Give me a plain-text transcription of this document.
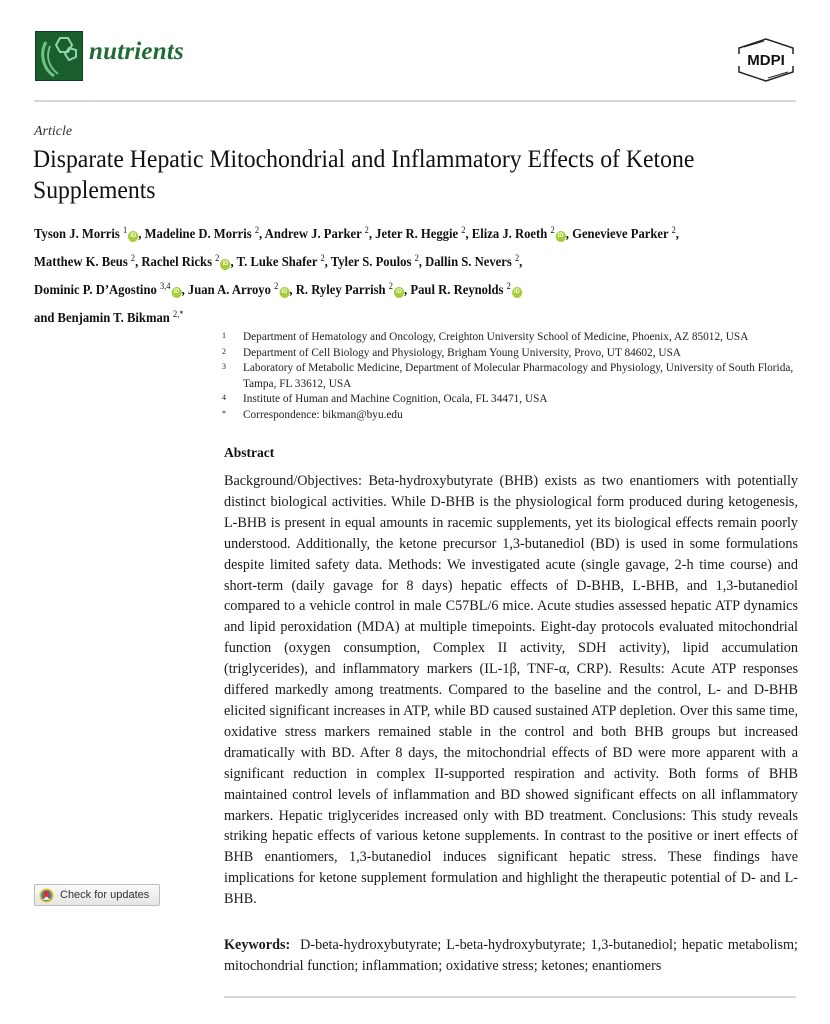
nutrients	MDPI
Article
Disparate Hepatic Mitochondrial and Inflammatory Effects of Ketone Supplements
Tyson J. Morris $^1$iD , Madeline D. Morris $^2$, Andrew J. Parker $^2$, Jeter R. Heggie $^2$, Eliza J. Roeth $^2$iD , Genevieve Parker $^2$,
Matthew K. Beus $^2$, Rachel Ricks $^2$iD , T. Luke Shafer $^2$, Tyler S. Poulos $^2$, Dallin S. Nevers $^2$,
Dominic P. D’Agostino $^{3,4}$iD , Juan A. Arroyo $^2$iD , R. Ryley Parrish $^2$iD , Paul R. Reynolds $^2$iD
and Benjamin T. Bikman $^{2,*}$
1	Department of Hematology and Oncology, Creighton University School of Medicine, Phoenix, AZ 85012, USA
2	Department of Cell Biology and Physiology, Brigham Young University, Provo, UT 84602, USA
3	Laboratory of Metabolic Medicine, Department of Molecular Pharmacology and Physiology, University of South Florida, Tampa, FL 33612, USA
4	Institute of Human and Machine Cognition, Ocala, FL 34471, USA
*	Correspondence: bikman@byu.edu
Abstract
Background/Objectives: Beta-hydroxybutyrate (BHB) exists as two enantiomers with potentially distinct biological activities. While D-BHB is the physiological form produced during ketogenesis, L-BHB is present in equal amounts in racemic supplements, yet its biological effects remain poorly understood. Additionally, the ketone precursor 1,3-butanediol (BD) is used in some formulations despite limited safety data. Methods: We investigated acute (single gavage, 2-h time course) and short-term (daily gavage for 8 days) hepatic effects of D-BHB, L-BHB, and 1,3-butanediol compared to a vehicle control in male C57BL/6 mice. Acute studies assessed hepatic ATP dynamics and lipid peroxidation (MDA) at multiple timepoints. Eight-day protocols evaluated mitochondrial function (oxygen consumption, Complex II activity, SDH activity), lipid accumulation (triglycerides), and inflammatory markers (IL-1β, TNF-α, CRP). Results: Acute ATP responses differed markedly among treatments. Compared to the baseline and the control, L- and D-BHB elicited significant increases in ATP, while BD caused sustained ATP depletion. Over this same time, oxidative stress markers remained stable in the control and both BHB groups but increased dramatically with BD. After 8 days, the mitochondrial effects of BD were more apparent with a significant reduction in complex II-supported respiration and activity. Both forms of BHB maintained control levels of inflammation and BD showed significant effects on all inflammatory markers. Hepatic triglycerides increased only with BD treatment. Conclusions: This study reveals striking hepatic effects of various ketone supplements. In contrast to the positive or inert effects of BHB enantiomers, 1,3-butanediol induces significant hepatic stress. These findings have implications for ketone supplement formulation and highlight the therapeutic potential of D- and L-BHB.
Keywords: D-beta-hydroxybutyrate; L-beta-hydroxybutyrate; 1,3-butanediol; hepatic metabolism; mitochondrial function; inflammation; oxidative stress; ketones; enantiomers
Check for updates
